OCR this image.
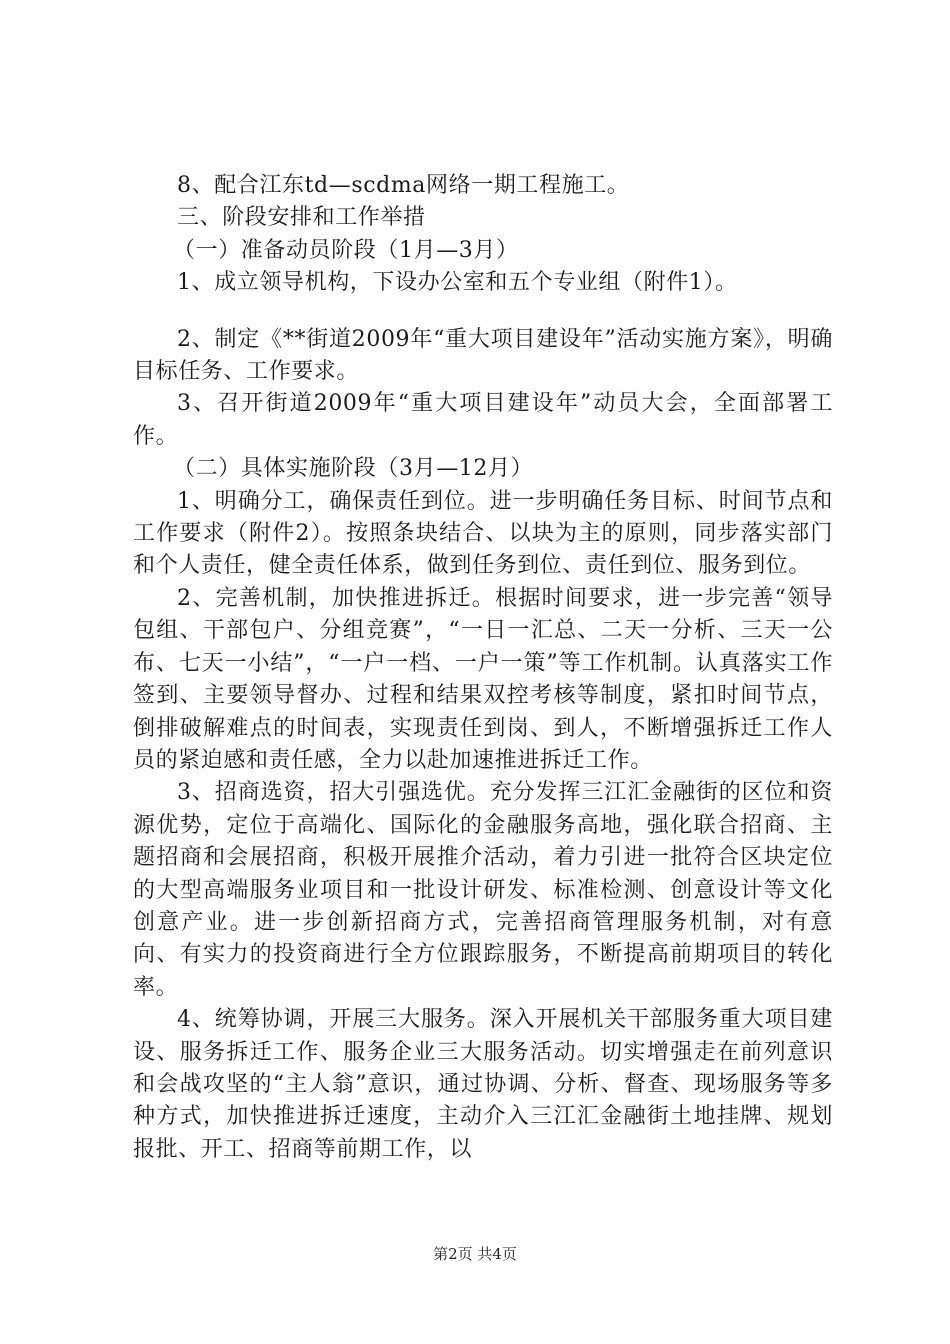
8、配合江东td—scdma网络一期工程施工。

三、阶段安排和工作举措

（一）准备动员阶段（1月—3月）

1、成立领导机构，下设办公室和五个专业组（附件1）。

2、制定《**街道2009年“重大项目建设年”活动实施方案》，明确目标任务、工作要求。

3、召开街道2009年“重大项目建设年”动员大会，全面部署工作。

（二）具体实施阶段（3月—12月）

1、明确分工，确保责任到位。进一步明确任务目标、时间节点和工作要求（附件2）。按照条块结合、以块为主的原则，同步落实部门和个人责任，健全责任体系，做到任务到位、责任到位、服务到位。

2、完善机制，加快推进拆迁。根据时间要求，进一步完善“领导包组、干部包户、分组竞赛”，“一日一汇总、二天一分析、三天一公布、七天一小结”，“一户一档、一户一策”等工作机制。认真落实工作签到、主要领导督办、过程和结果双控考核等制度，紧扣时间节点，倒排破解难点的时间表，实现责任到岗、到人，不断增强拆迁工作人员的紧迫感和责任感，全力以赴加速推进拆迁工作。

3、招商选资，招大引强选优。充分发挥三江汇金融街的区位和资源优势，定位于高端化、国际化的金融服务高地，强化联合招商、主题招商和会展招商，积极开展推介活动，着力引进一批符合区块定位的大型高端服务业项目和一批设计研发、标准检测、创意设计等文化创意产业。进一步创新招商方式，完善招商管理服务机制，对有意向、有实力的投资商进行全方位跟踪服务，不断提高前期项目的转化率。

4、统筹协调，开展三大服务。深入开展机关干部服务重大项目建设、服务拆迁工作、服务企业三大服务活动。切实增强走在前列意识和会战攻坚的“主人翁”意识，通过协调、分析、督查、现场服务等多种方式，加快推进拆迁速度，主动介入三江汇金融街土地挂牌、规划报批、开工、招商等前期工作，以

第2页 共4页
